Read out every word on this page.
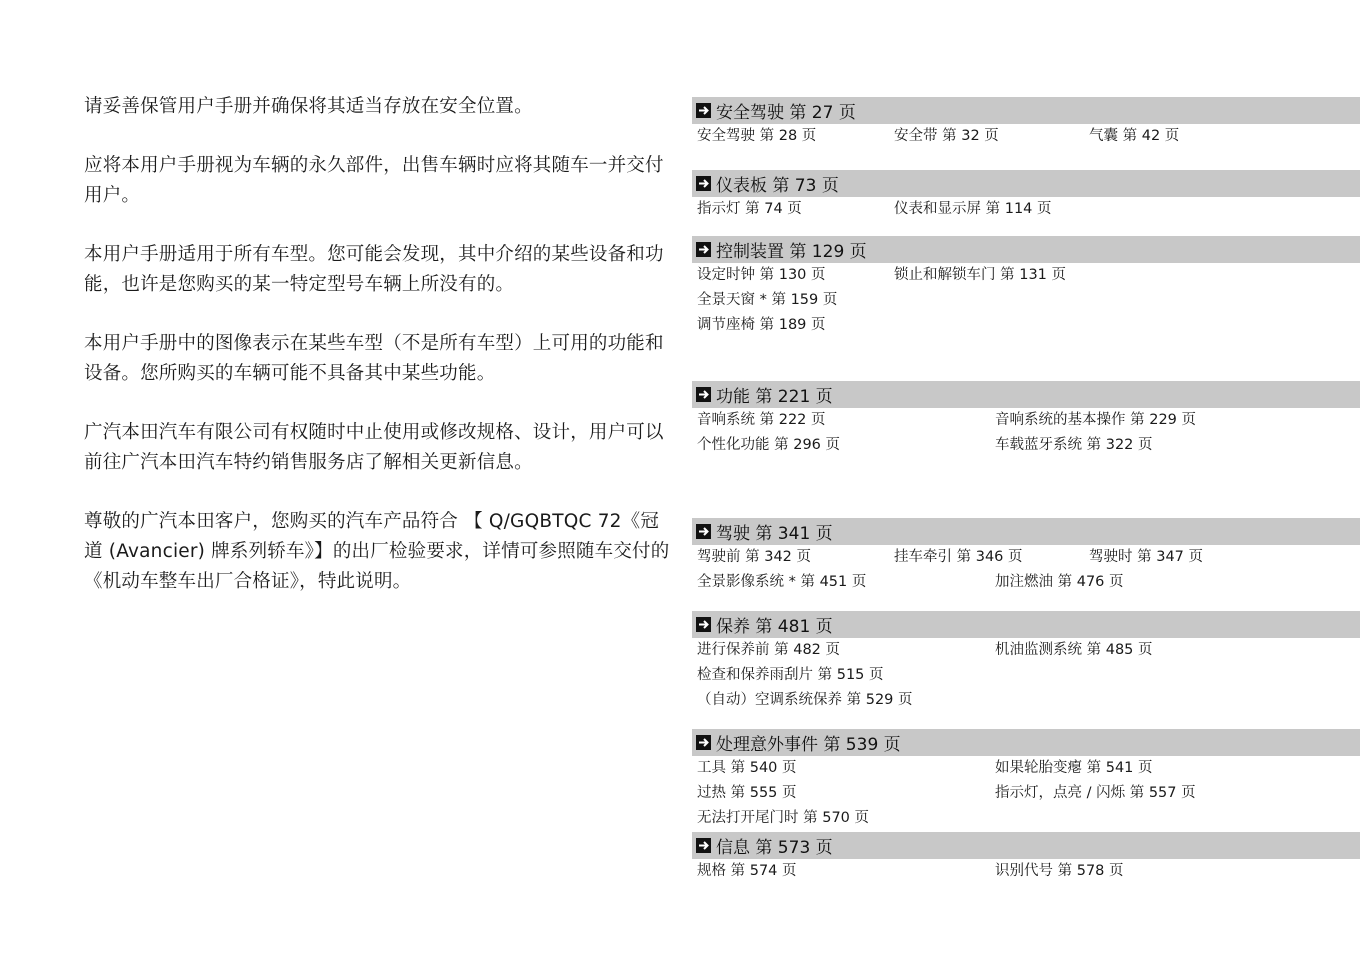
请妥善保管用户手册并确保将其适当存放在安全位置。

应将本用户手册视为车辆的永久部件，出售车辆时应将其随车一并交付用户。

本用户手册适用于所有车型。您可能会发现，其中介绍的某些设备和功能，也许是您购买的某一特定型号车辆上所没有的。

本用户手册中的图像表示在某些车型（不是所有车型）上可用的功能和设备。您所购买的车辆可能不具备其中某些功能。

广汽本田汽车有限公司有权随时中止使用或修改规格、设计，用户可以前往广汽本田汽车特约销售服务店了解相关更新信息。

尊敬的广汽本田客户，您购买的汽车产品符合 【 Q/GQBTQC 72《冠道 (Avancier) 牌系列轿车》】的出厂检验要求，详情可参照随车交付的《机动车整车出厂合格证》，特此说明。

安全驾驶 第 27 页
安全驾驶 第 28 页	安全带 第 32 页	气囊 第 42 页
仪表板 第 73 页
指示灯 第 74 页	仪表和显示屏 第 114 页
控制装置 第 129 页
设定时钟 第 130 页	锁止和解锁车门 第 131 页
全景天窗 * 第 159 页
调节座椅 第 189 页
功能 第 221 页
音响系统 第 222 页	音响系统的基本操作 第 229 页
个性化功能 第 296 页	车载蓝牙系统 第 322 页
驾驶 第 341 页
驾驶前 第 342 页	挂车牵引 第 346 页	驾驶时 第 347 页
全景影像系统 * 第 451 页	加注燃油 第 476 页
保养 第 481 页
进行保养前 第 482 页	机油监测系统 第 485 页
检查和保养雨刮片 第 515 页
（自动）空调系统保养 第 529 页
处理意外事件 第 539 页
工具 第 540 页	如果轮胎变瘪 第 541 页
过热 第 555 页	指示灯，点亮 / 闪烁 第 557 页
无法打开尾门时 第 570 页
信息 第 573 页
规格 第 574 页	识别代号 第 578 页
